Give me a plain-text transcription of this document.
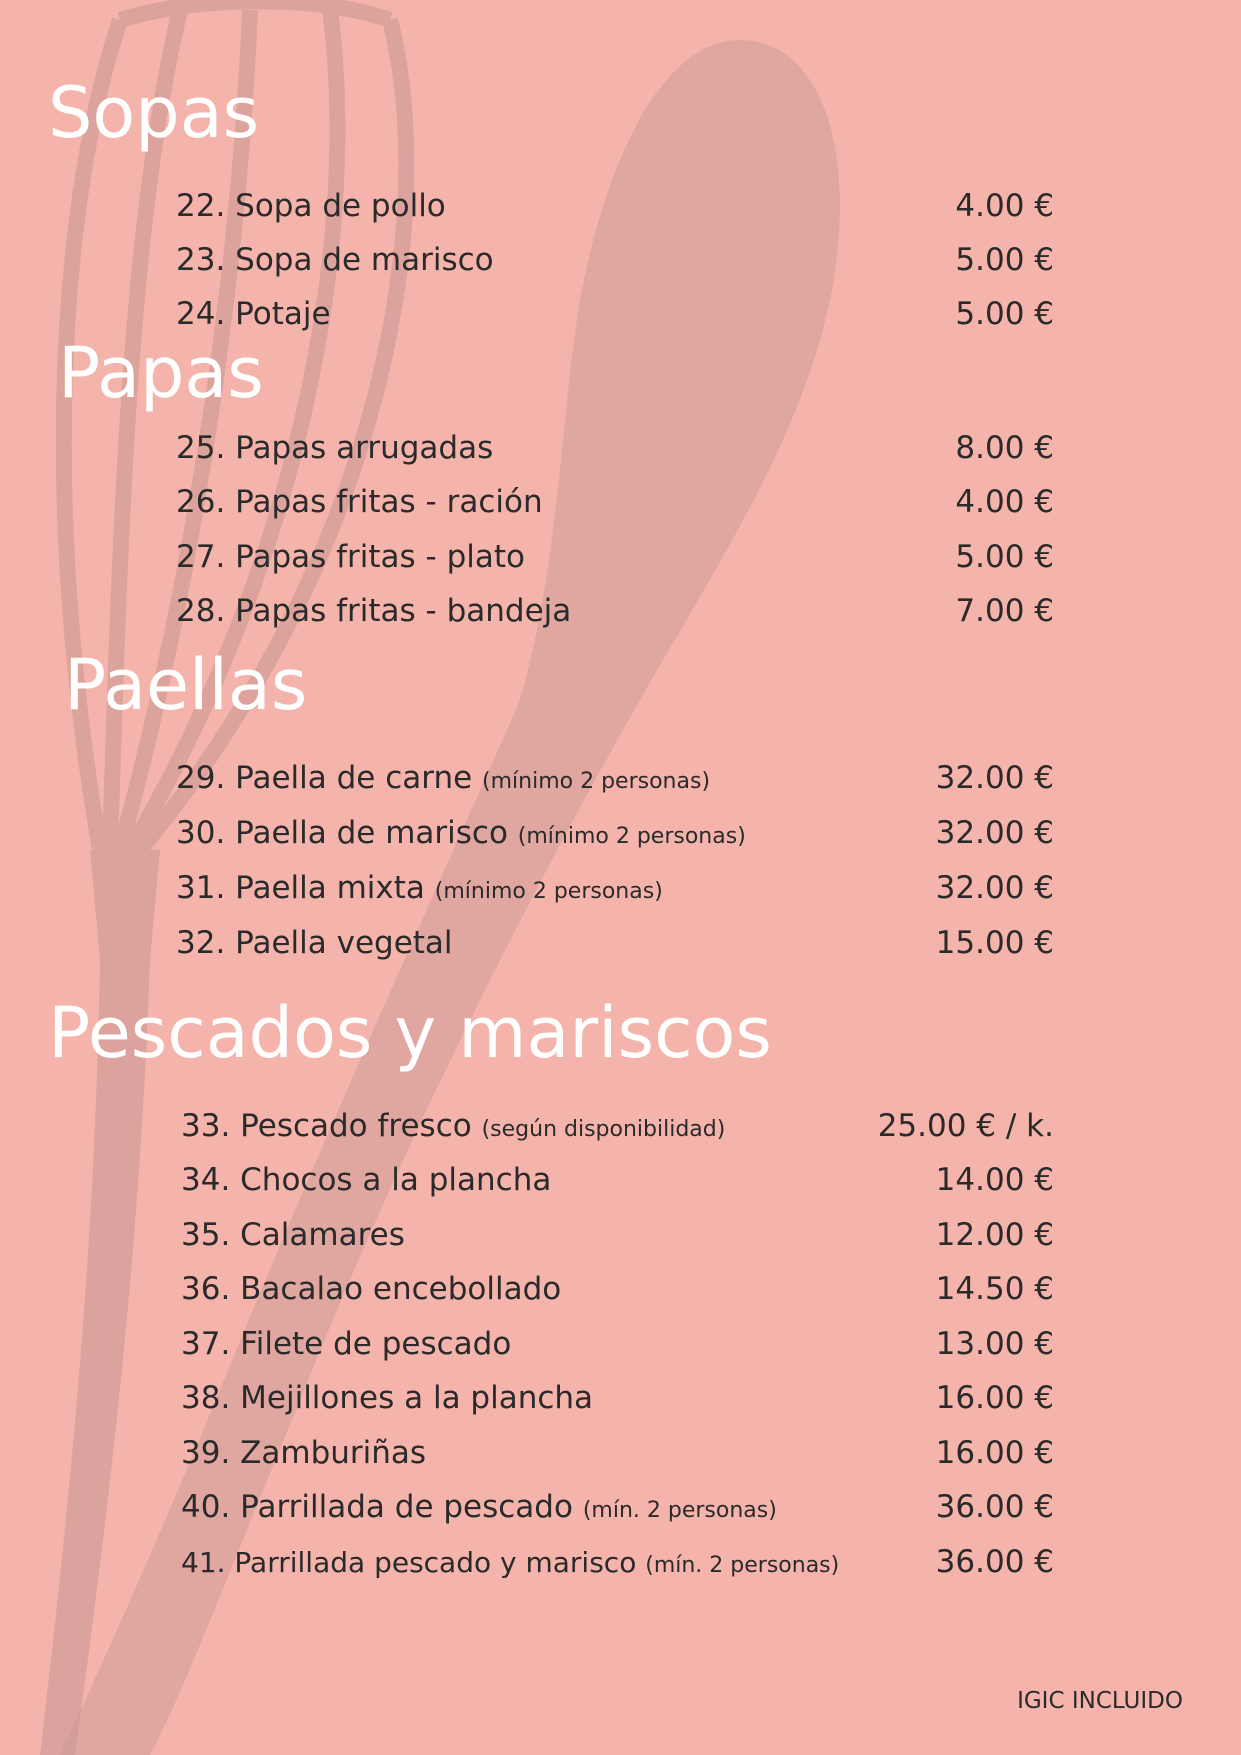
Sopas
22. Sopa de pollo	4.00 €
23. Sopa de marisco	5.00 €
24. Potaje	5.00 €
Papas
25. Papas arrugadas	8.00 €
26. Papas fritas - ración	4.00 €
27. Papas fritas - plato	5.00 €
28. Papas fritas - bandeja	7.00 €
Paellas
29. Paella de carne (mínimo 2 personas)	32.00 €
30. Paella de marisco (mínimo 2 personas)	32.00 €
31. Paella mixta (mínimo 2 personas)	32.00 €
32. Paella vegetal	15.00 €
Pescados y mariscos
33. Pescado fresco (según disponibilidad)	25.00 € / k.
34. Chocos a la plancha	14.00 €
35. Calamares	12.00 €
36. Bacalao encebollado	14.50 €
37. Filete de pescado	13.00 €
38. Mejillones a la plancha	16.00 €
39. Zamburiñas	16.00 €
40. Parrillada de pescado (mín. 2 personas)	36.00 €
41. Parrillada pescado y marisco (mín. 2 personas)	36.00 €
IGIC INCLUIDO
